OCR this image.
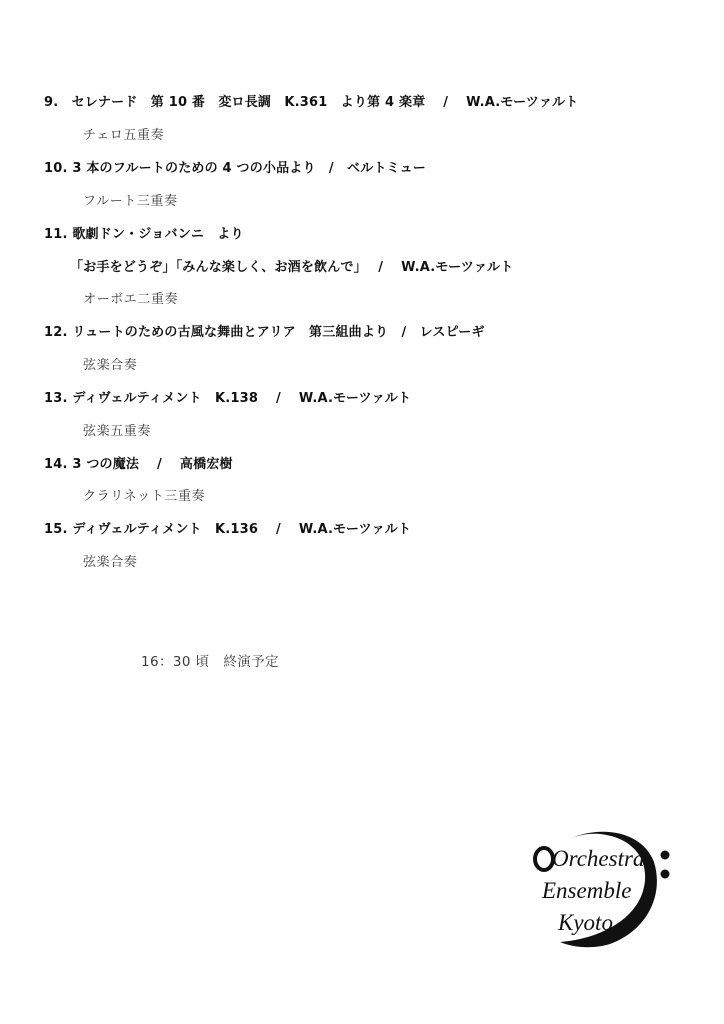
9.　セレナード　第 10 番　変ロ長調　K.361　より第 4 楽章　 /　 W.A.モーツァルト
チェロ五重奏
10. 3 本のフルートのための 4 つの小品より　/　ベルトミュー
フルート三重奏
11. 歌劇ドン・ジョバンニ　より
「お手をどうぞ」「みんな楽しく、お酒を飲んで」　 /　 W.A.モーツァルト
オーボエ二重奏
12. リュートのための古風な舞曲とアリア　第三組曲より　/　レスピーギ
弦楽合奏
13. ディヴェルティメント　K.138　 /　 W.A.モーツァルト
弦楽五重奏
14. 3 つの魔法　 /　 高橋宏樹
クラリネット三重奏
15. ディヴェルティメント　K.136　 /　 W.A.モーツァルト
弦楽合奏
16：30 頃　終演予定
Orchestra
Ensemble
Kyoto
